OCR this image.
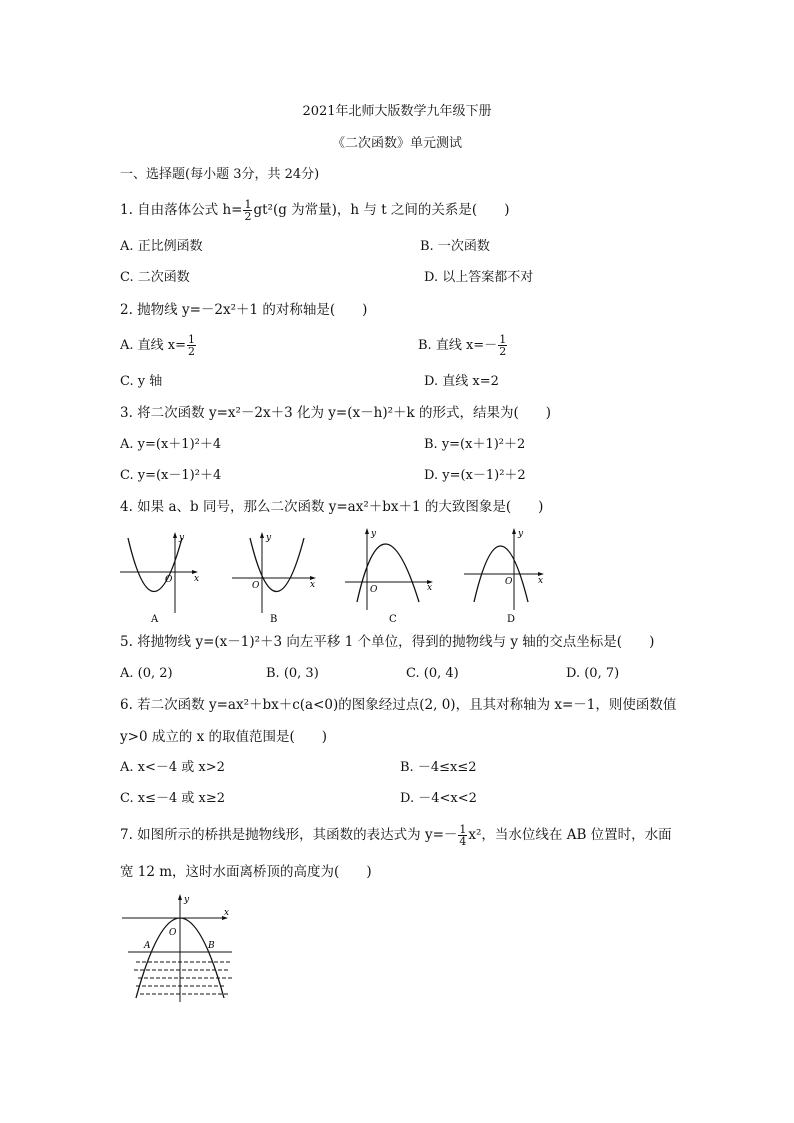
2021年北师大版数学九年级下册
《二次函数》单元测试
一、选择题(每小题 3分，共 24分)
1. 自由落体公式 $h= \frac{1}{2} gt^2(g$ 为常量)，h 与 t 之间的关系是(　　)
A. 正比例函数	B. 一次函数
C. 二次函数	D. 以上答案都不对
2. 抛物线 y=－2x²＋1 的对称轴是(　　)
A. 直线 $x= \frac{1}{2}$	B. 直线 $x=- \frac{1}{2}$
C. y 轴	D. 直线 x=2
3. 将二次函数 y=x²－2x＋3 化为 y=(x－h)²＋k 的形式，结果为(　　)
A. y=(x＋1)²＋4	B. y=(x＋1)²＋2
C. y=(x－1)²＋4	D. y=(x－1)²＋2
4. 如果 a、b 同号，那么二次函数 y=ax²＋bx＋1 的大致图象是(　　)
O x
y
A
O	x
y
B
O	x
y
C
O	x
y
D
5. 将抛物线 y=(x－1)²＋3 向左平移 1 个单位，得到的抛物线与 y 轴的交点坐标是(　　)
A. (0, 2)	B. (0, 3)	C. (0, 4)	D. (0, 7)
6. 若二次函数 y=ax²＋bx＋c(a<0)的图象经过点(2, 0)，且其对称轴为 x=－1，则使函数值
y>0 成立的 x 的取值范围是(　　)
A. x<－4 或 x>2	B. －4≤x≤2
C. x≤－4 或 x≥2	D. －4<x<2
7. 如图所示的桥拱是抛物线形，其函数的表达式为 $y=- \frac{1}{4} x^2$，当水位线在 AB 位置时，水面
宽 12 m，这时水面离桥顶的高度为(　　)
O
y
x
A	B
